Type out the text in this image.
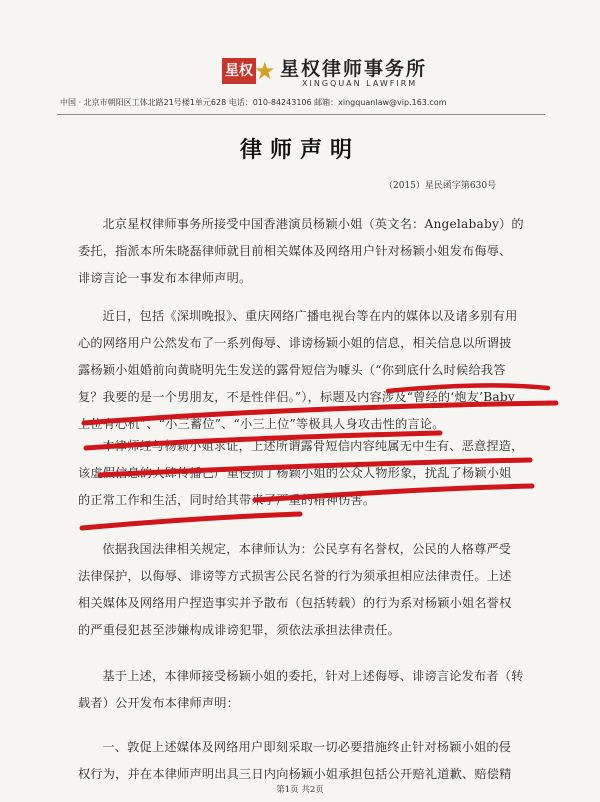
星权 ★ 星权律师事务所
XINGQUAN LAWFIRM
中国 · 北京市朝阳区工体北路21号楼1单元628 电话：010-84243106 邮箱：xingquanlaw@vip.163.com
律师声明
（2015）星民函字第630号

北京星权律师事务所接受中国香港演员杨颖小姐（英文名：Angelababy）的
委托，指派本所朱晓磊律师就目前相关媒体及网络用户针对杨颖小姐发布侮辱、
诽谤言论一事发布本律师声明。

近日，包括《深圳晚报》、重庆网络广播电视台等在内的媒体以及诸多别有用
心的网络用户公然发布了一系列侮辱、诽谤杨颖小姐的信息，相关信息以所谓披
露杨颖小姐婚前向黄晓明先生发送的露骨短信为噱头（“你到底什么时候给我答
复？我要的是一个男朋友，不是性伴侣。”），标题及内容涉及“曾经的‘炮友’Baby
上位有心机”、“小三蓄位”、“小三上位”等极具人身攻击性的言论。

本律师经与杨颖小姐求证，上述所谓露骨短信内容纯属无中生有、恶意捏造，
该虚假信息的大肆传播已严重侵损了杨颖小姐的公众人物形象，扰乱了杨颖小姐
的正常工作和生活，同时给其带来了严重的精神伤害。

依据我国法律相关规定，本律师认为：公民享有名誉权，公民的人格尊严受
法律保护，以侮辱、诽谤等方式损害公民名誉的行为须承担相应法律责任。上述
相关媒体及网络用户捏造事实并予散布（包括转载）的行为系对杨颖小姐名誉权
的严重侵犯甚至涉嫌构成诽谤犯罪，须依法承担法律责任。

基于上述，本律师接受杨颖小姐的委托，针对上述侮辱、诽谤言论发布者（转
载者）公开发布本律师声明：

一、敦促上述媒体及网络用户即刻采取一切必要措施终止针对杨颖小姐的侵
权行为，并在本律师声明出具三日内向杨颖小姐承担包括公开赔礼道歉、赔偿精

第1页 共2页
